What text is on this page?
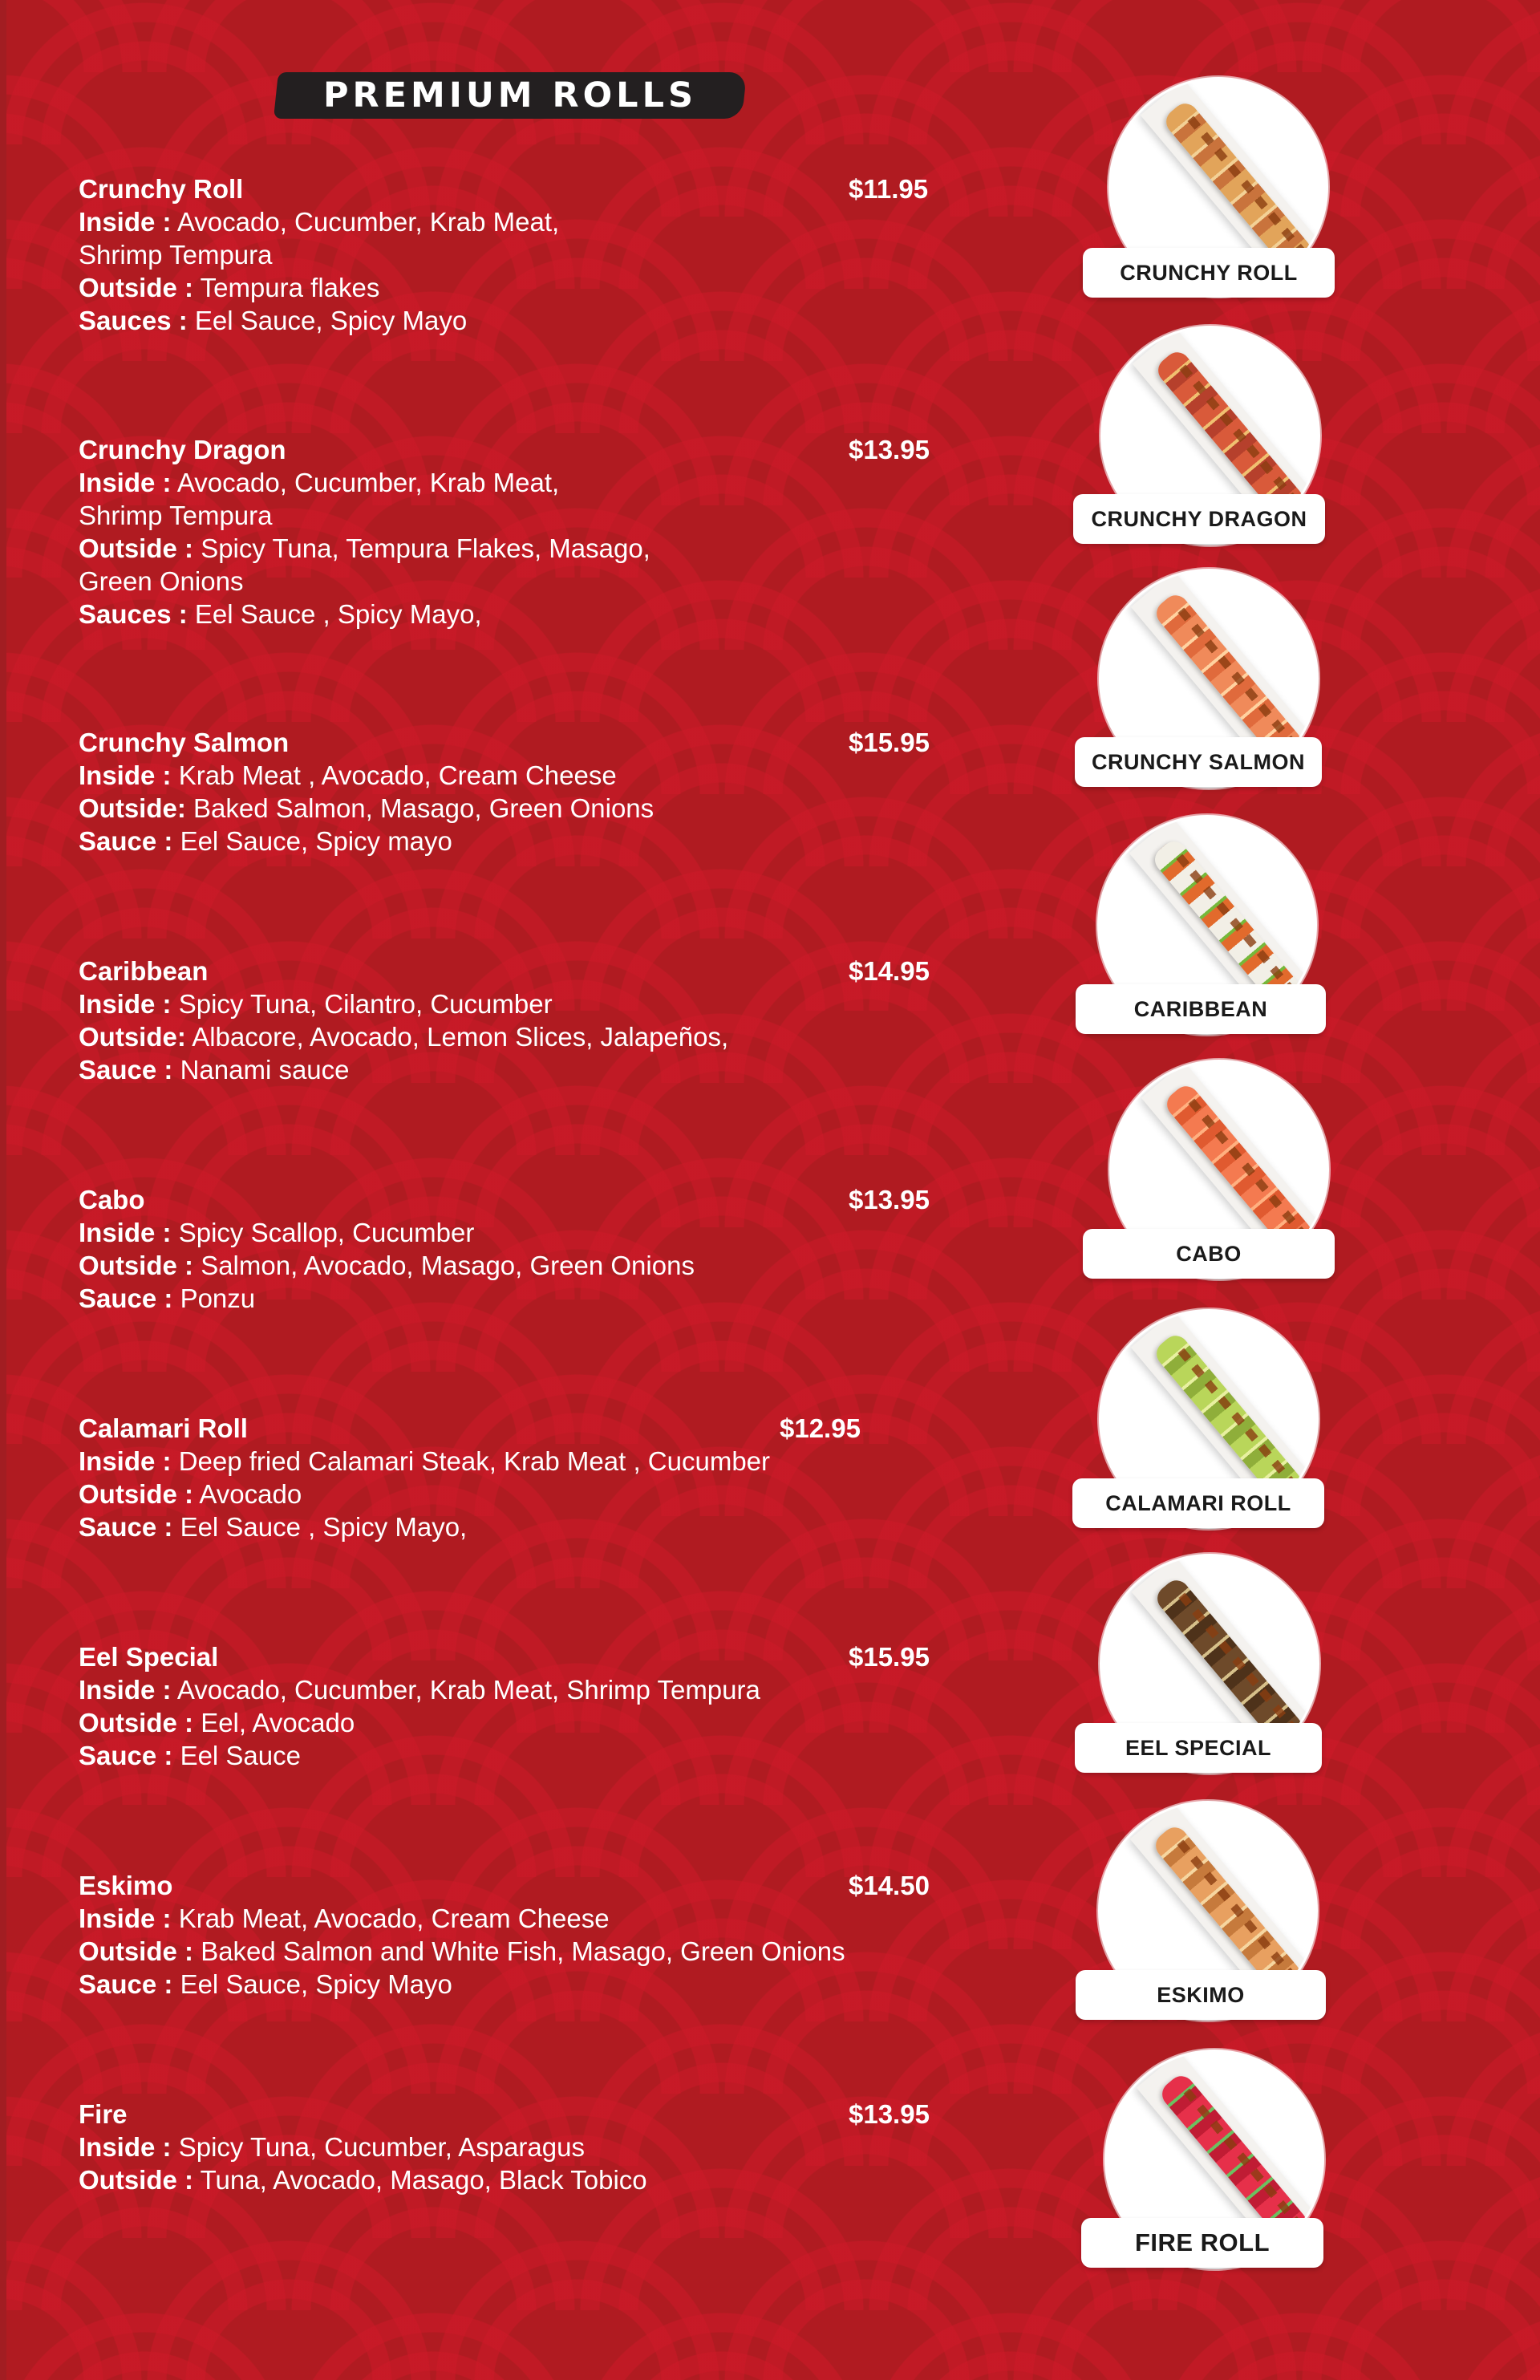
PREMIUM ROLLS
Crunchy Roll	$11.95
Inside : Avocado, Cucumber, Krab Meat,
Shrimp Tempura
Outside : Tempura flakes
Sauces : Eel Sauce, Spicy Mayo
Crunchy Dragon	$13.95
Inside : Avocado, Cucumber, Krab Meat,
Shrimp Tempura
Outside : Spicy Tuna, Tempura Flakes, Masago,
Green Onions
Sauces : Eel Sauce , Spicy Mayo,
Crunchy Salmon	$15.95
Inside : Krab Meat , Avocado, Cream Cheese
Outside: Baked Salmon, Masago, Green Onions
Sauce : Eel Sauce, Spicy mayo
Caribbean	$14.95
Inside : Spicy Tuna, Cilantro, Cucumber
Outside: Albacore, Avocado, Lemon Slices, Jalapeños,
Sauce : Nanami sauce
Cabo	$13.95
Inside : Spicy Scallop, Cucumber
Outside : Salmon, Avocado, Masago, Green Onions
Sauce : Ponzu
Calamari Roll	$12.95
Inside : Deep fried Calamari Steak, Krab Meat , Cucumber
Outside : Avocado
Sauce : Eel Sauce , Spicy Mayo,
Eel Special	$15.95
Inside : Avocado, Cucumber, Krab Meat, Shrimp Tempura
Outside : Eel, Avocado
Sauce : Eel Sauce
Eskimo	$14.50
Inside : Krab Meat, Avocado, Cream Cheese
Outside : Baked Salmon and White Fish, Masago, Green Onions
Sauce : Eel Sauce, Spicy Mayo
Fire	$13.95
Inside : Spicy Tuna, Cucumber, Asparagus
Outside : Tuna, Avocado, Masago, Black Tobico
CRUNCHY ROLL
CRUNCHY DRAGON
CRUNCHY SALMON
CARIBBEAN
CABO
CALAMARI ROLL
EEL SPECIAL
ESKIMO
FIRE ROLL
